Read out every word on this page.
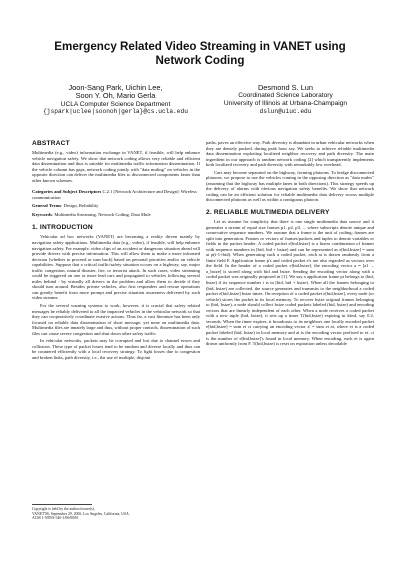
Emergency Related Video Streaming in VANET using Network Coding
Joon-Sang Park, Uichin Lee,
Soon Y. Oh, Mario Gerla
UCLA Computer Science Department
{jspark|uclee|soonoh|gerla}@cs.ucla.edu
Desmond S. Lun
Coordinated Science Laboratory
University of Illinois at Urbana-Champaign
dslun@uiuc.edu
ABSTRACT

Multimedia (e.g., video) information exchange in VANET, if feasible, will help enhance vehicle navigation safety. We show that network coding allows very reliable and efficient data dissemination and thus is suitable for multimedia traffic information dissemination. If the vehicle column has gaps, network coding jointly with "data muling" on vehicles in the opposite direction can deliver the multimedia files to disconnected components faster than other known schemes.

Categories and Subject Descriptors C.2.1 [Network Architecture and Design]: Wireless communication
General Terms: Design, Reliability
Keywords: Multimedia Streaming, Network Coding, Data Mule
1. INTRODUCTION

Vehicular ad hoc networks (VANET) are becoming a reality driven mainly by navigation safety applications. Multimedia data (e.g., video), if feasible, will help enhance navigation safety. For example, video clips of an accident or dangerous situation ahead will provide drivers with precise information. This will allow them to make a more informed decision (whether to proceed or turn back) based on personal priorities and/or on vehicle capabilities. Suppose that a critical traffic/safety situation occurs on a highway, say, major traffic congestion, natural disaster, fire, or terrorist attack. In such cases, video streaming could be triggered on one or more lead cars and propagated to vehicles following several miles behind - by virtually all drivers in the problem and allow them to decide if they should turn around. Besides private vehicles, also first responders and rescue operations can greatly benefit from more prompt and precise situation awareness delivered by such video streams.

For the several warning systems to work, however, it is crucial that safety related messages be reliably delivered to all the impacted vehicles in the vehicular network so that they can cooperatively coordinate evasive actions. Thus far, a vast literature has been only focused on reliable data dissemination of short message, yet none on multimedia data. Multimedia files are innately large and thus, without proper controls, dissemination of such files can cause severe congestion and shut down other safety traffic.

In vehicular networks, packets may be corrupted and lost due to channel errors and collisions. These type of packet losses tend to be random and diverse locally and thus can be countered efficiently with a local recovery strategy. To fight losses due to congestion and broken links, path diversity, i.e., the use of multiple, disjoint

Copyright is held by the author/owner(s).
VANET'06, September 29, 2006, Los Angeles, California, USA.
ACM 1-59593-540-1/06/0009.

paths, paves an effective way. Path diversity is abundant in urban vehicular networks when they are densely packed, during peak hour say. We seeks to achieve reliable multimedia data dissemination exploiting localized neighbor recovery and path diversity. The main ingredient in our approach is random network coding [2] which transparently implements both localized recovery and path diversity with remarkably low overhead.

Cars may become separated on the highway, forming platoons. To bridge disconnected platoons, we propose to use the vehicles coming in the opposing direction as "data mules" (assuming that the highway has multiple lanes in both directions). This strategy speeds up the delivery of alarms with obvious navigation safety benefits. We show that network coding can be an efficient solution for reliable multimedia data delivery across multiple disconnected platoons as well as within a contiguous platoon.

2. RELIABLE MULTIMEDIA DELIVERY

Let us assume for simplicity that there is one single multimedia data source and it generates a stream of equal size frames p1, p2, p3, ... where subscripts denote unique and consecutive sequence numbers. We assume that a frame is the unit of coding; frames are split into generation. Frames or vectors of frames/packets and tuples to denote variables or fields in the packet header. A coded packet e[bid,bsize] is a linear combination of frames with sequence numbers in [bid, bid + bsize) and can be represented as e[bid,bsize] = sum ai p(i-1+bid). When generating such a coded packet, each ai is drawn randomly from a finite field F. Application frame p's and coded packet e's are also regarded as vectors over the field. In the header of a coded packet e[bid,bsize], the encoding vector a = [a1 ... a_bsize] is stored along with bid and bsize. Sending the encoding vector along with a coded packet was originally proposed in [1]. We say a application frame pi belongs to (bid, bsize) if its sequence number i is in [bid, bid + bsize). When all the frames belonging to (bid, bsize) are collected, the source generates and transmits to the neighborhood a coded packet e[bid,bsize] bsize times. On reception of a coded packet e[bid,bsize], every node (or vehicle) stores the packet in its local memory. To recover bsize original frames belonging to (bid, bsize), a node should collect bsize coded packets labeled (bid, bsize) and encoding vectors that are linearly independent of each other. When a node receives a coded packet with a new tuple (bid, bsize), it sets up a timer T(bid,bsize) expiring in kbsd, say 0.2, seconds. When the timer expires, it broadcasts to its neighbors one locally encoded packet e[bid,bsize] = sum ei ci carrying an encoding vector a' = sum ei ai, where ei is a coded packet labeled (bid, bsize) in local memory and ai is the encoding vector prefixed to ei. ci is the number of e[bid,bsize]'s found in local memory. When encoding, each ei is again drawn uniformly from F. T(bid,bsize) is reset on expiration unless decodable
